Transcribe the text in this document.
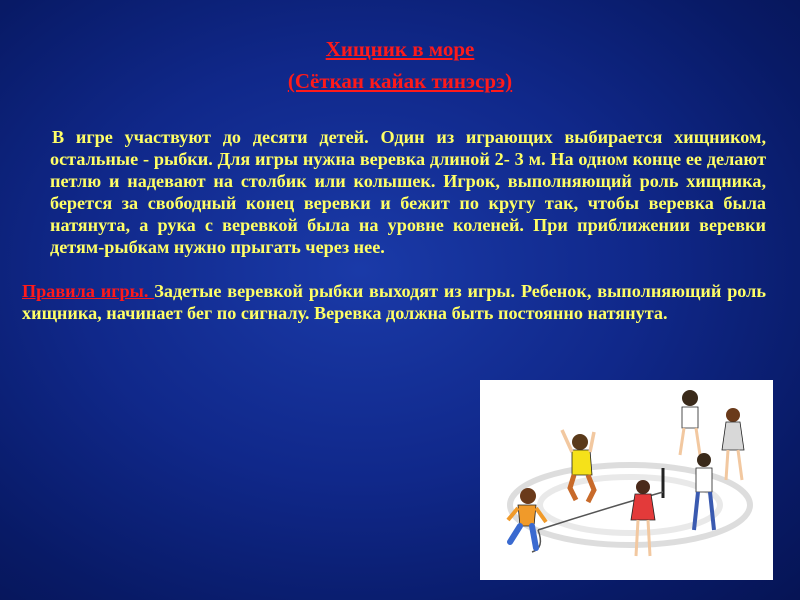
Хищник в море
(Сёткан кайак тинэсрэ)

В игре участвуют до десяти детей. Один из играющих выбирается хищником, остальные - рыбки. Для игры нужна веревка длиной 2- 3 м. На одном конце ее делают петлю и надевают на столбик или колышек. Игрок, выполняющий роль хищника, берется за свободный конец веревки и бежит по кругу так, чтобы веревка была натянута, а рука с веревкой была на уровне коленей. При приближении веревки детям-рыбкам нужно прыгать через нее.

Правила игры. Задетые веревкой рыбки выходят из игры. Ребенок, выполняющий роль хищника, начинает бег по сигналу. Веревка должна быть постоянно натянута.
